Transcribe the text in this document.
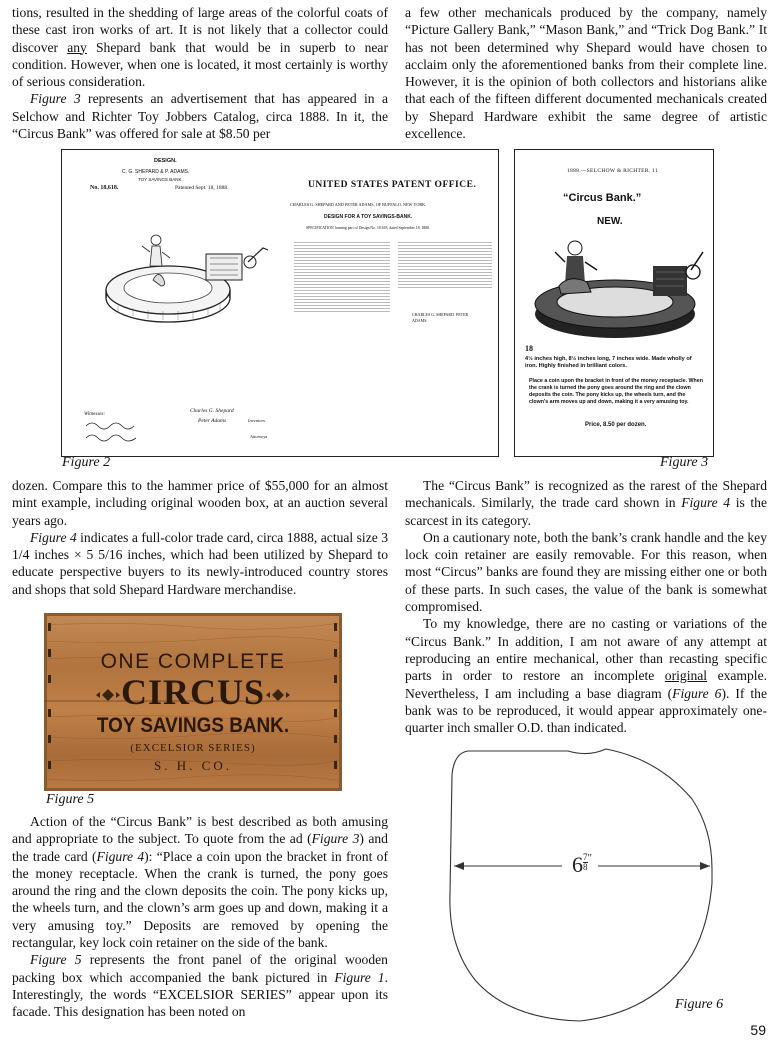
tions, resulted in the shedding of large areas of the colorful coats of these cast iron works of art. It is not likely that a collector could discover any Shepard bank that would be in superb to near condition. However, when one is located, it most certainly is worthy of serious consideration.

Figure 3 represents an advertisement that has appeared in a Selchow and Richter Toy Jobbers Catalog, circa 1888. In it, the “Circus Bank” was offered for sale at $8.50 per

a few other mechanicals produced by the company, namely “Picture Gallery Bank,” “Mason Bank,” and “Trick Dog Bank.” It has not been determined why Shepard would have chosen to acclaim only the aforementioned banks from their complete line. However, it is the opinion of both collectors and historians alike that each of the fifteen different documented mechanicals created by Shepard Hardware exhibit the same degree of artistic excellence.

DESIGN.
C. G. SHEPARD & P. ADAMS.
TOY SAVINGS BANK.
No. 18,618.	Patented Sept. 18, 1888.	UNITED STATES PATENT OFFICE.
CHARLES G. SHEPARD AND PETER ADAMS, OF BUFFALO, NEW YORK.
DESIGN FOR A TOY SAVINGS-BANK.
SPECIFICATION forming part of Design No. 18,618, dated September 18, 1888.
CHARLES G. SHEPARD. PETER ADAMS.
Witnesses:
Charles G. Shepard
Peter Adams	Inventors
Attorneys
Figure 2
1888.—SELCHOW & RICHTER. 11
“Circus Bank.”
NEW.
18
4½ inches high, 8½ inches long, 7 inches wide. Made wholly of iron. Highly finished in brilliant colors.
Place a coin upon the bracket in front of the money receptacle. When the crank is turned the pony goes around the ring and the clown deposits the coin. The pony kicks up, the wheels turn, and the clown's arm moves up and down, making it a very amusing toy.
Price, 8.50 per dozen.
Figure 3

dozen. Compare this to the hammer price of $55,000 for an almost mint example, including original wooden box, at an auction several years ago.

Figure 4 indicates a full-color trade card, circa 1888, actual size 3 1/4 inches × 5 5/16 inches, which had been utilized by Shepard to educate perspective buyers to its newly-introduced country stores and shops that sold Shepard Hardware merchandise.

The “Circus Bank” is recognized as the rarest of the Shepard mechanicals. Similarly, the trade card shown in Figure 4 is the scarcest in its category.

On a cautionary note, both the bank’s crank handle and the key lock coin retainer are easily removable. For this reason, when most “Circus” banks are found they are missing either one or both of these parts. In such cases, the value of the bank is somewhat compromised.

To my knowledge, there are no casting or variations of the “Circus Bank.” In addition, I am not aware of any attempt at reproducing an entire mechanical, other than recasting specific parts in order to restore an incomplete original example. Nevertheless, I am including a base diagram (Figure 6). If the bank was to be reproduced, it would appear approximately one-quarter inch smaller O.D. than indicated.

ONE COMPLETE
CIRCUS
TOY SAVINGS BANK.
(EXCELSIOR SERIES)
S. H. CO.
Figure 5

Action of the “Circus Bank” is best described as both amusing and appropriate to the subject. To quote from the ad (Figure 3) and the trade card (Figure 4): “Place a coin upon the bracket in front of the money receptacle. When the crank is turned, the pony goes around the ring and the clown deposits the coin. The pony kicks up, the wheels turn, and the clown’s arm goes up and down, making it a very amusing toy.” Deposits are removed by opening the rectangular, key lock coin retainer on the side of the bank.

Figure 5 represents the front panel of the original wooden packing box which accompanied the bank pictured in Figure 1. Interestingly, the words “EXCELSIOR SERIES” appear upon its facade. This designation has been noted on

$6 \frac{7}{8} ^"$
Figure 6
59
